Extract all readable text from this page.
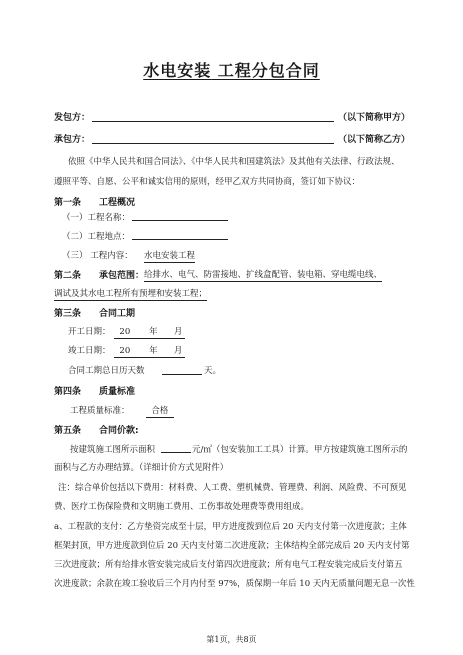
水电安装 工程分包合同
发包方：	（以下简称甲方）
承包方：	（以下简称乙方）
依照《中华人民共和国合同法》、《中华人民共和国建筑法》及其他有关法律、行政法规、
遵照平等、自愿、公平和诚实信用的原则，经甲乙双方共同协商，签订如下协议：
第一条　　工程概况
（一）工程名称：
（二）工程地点：
（三） 工程内容： 水电安装工程
第二条　　承包范围： 给排水、电气、防雷接地、扩线盒配管、装电箱、穿电缆电线、
调试及其水电工程所有预埋和安装工程；
第三条　　合同工期
开工日期：	20 年 月
竣工日期：	20 年 月
合同工期总日历天数	天。
第四条　　质量标准
工程质量标准：	合格
第五条　　合同价款:
按建筑施工图所示面积	元/㎡（包安装加工工具）计算。甲方按建筑施工图所示的
面积与乙方办理结算。（详细计价方式见附件）
注：综合单价包括以下费用：材料费、人工费、塑机械费、管理费、利润、风险费、不可预见
费、医疗工伤保险费和文明施工费用、工伤事故处理费等费用组成。
a、工程款的支付：乙方垫资完成至十层，甲方进度拨到位后 20 天内支付第一次进度款；主体
框架封顶，甲方进度款到位后 20 天内支付第二次进度款；主体结构全部完成后 20 天内支付第
三次进度款；所有给排水管安装完成后支付第四次进度款；所有电气工程安装完成后支付第五
次进度款；余款在竣工验收后三个月内付至 97%，质保期一年后 10 天内无质量问题无息一次性
第1页，共8页
